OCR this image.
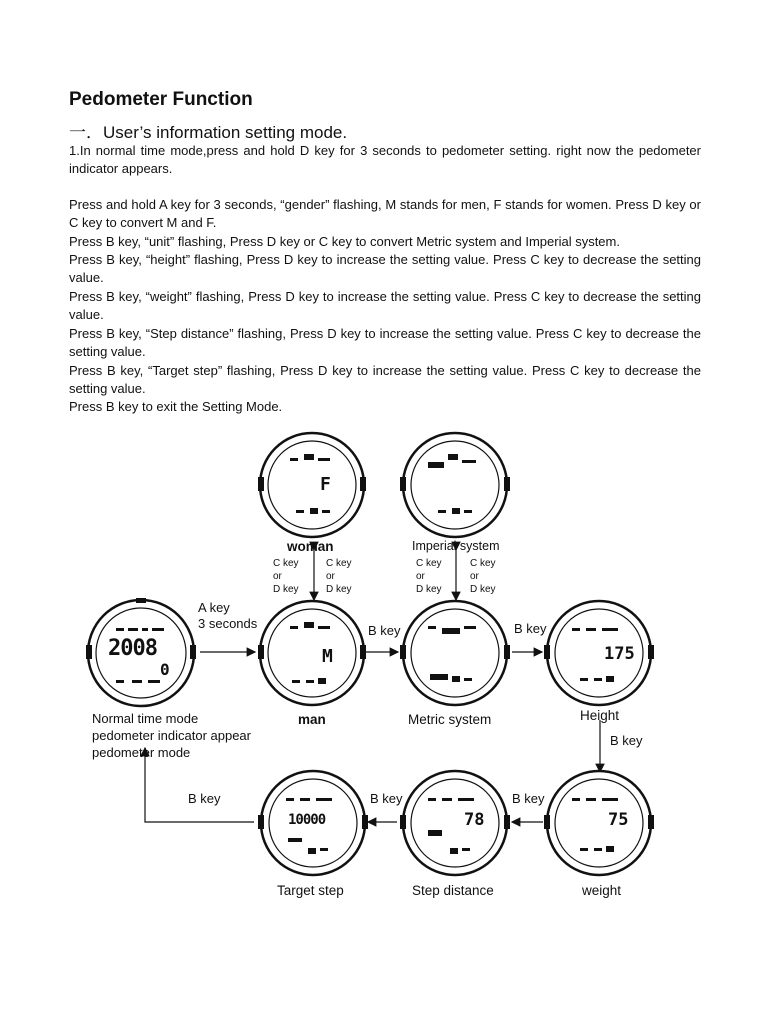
Pedometer Function

一．User’s information setting mode.

1.In normal time mode,press and hold D key for 3 seconds to pedometer setting. right now the pedometer indicator appears.

Press and hold A key for 3 seconds, “gender” flashing, M stands for men, F stands for women. Press D key or C key to convert M and F.

Press B key, “unit” flashing, Press D key or C key to convert Metric system and Imperial system.

Press B key, “height” flashing, Press D key to increase the setting value. Press C key to decrease the setting value.

Press B key, “weight” flashing, Press D key to increase the setting value. Press C key to decrease the setting value.

Press B key, “Step distance” flashing, Press D key to increase the setting value. Press C key to decrease the setting value.

Press B key, “Target step” flashing, Press D key to increase the setting value. Press C key to decrease the setting value.

Press B key to exit the Setting Mode.

2008
0
F
M	175
75
78
10000
woman	Imperial system
man	Metric system	Height
weight
Step distance
Target step
Normal time mode
pedometer indicator appear
pedometer mode
A key
3 seconds	B key	B key
B key
B key
B key
B key
C key
or
D key
C key
or
D key
C key
or
D key
C key
or
D key
